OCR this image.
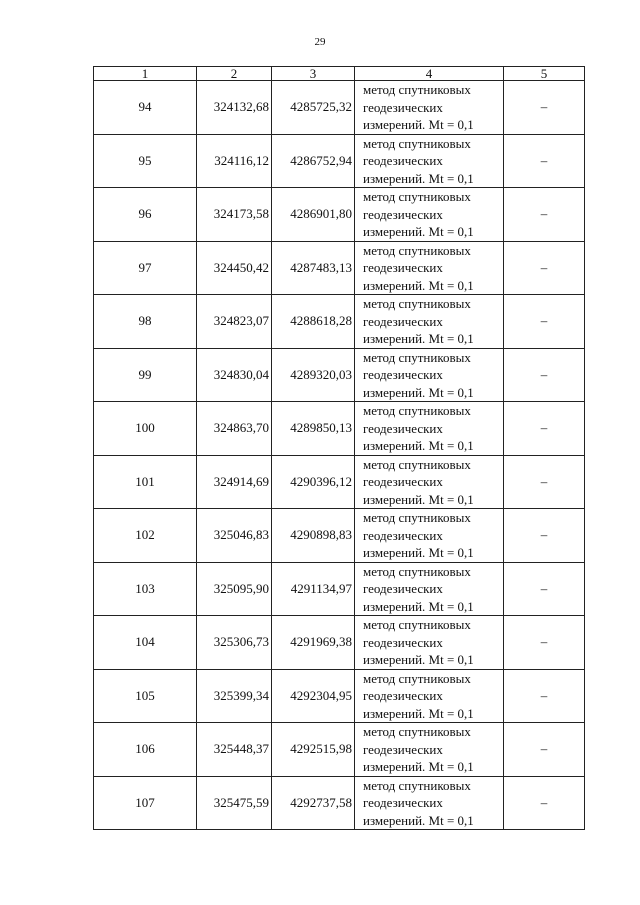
29
1	2	3	4	5
94	324132,68	4285725,32	метод спутниковых
геодезических
измерений. Mt = 0,1	–
95	324116,12	4286752,94	метод спутниковых
геодезических
измерений. Mt = 0,1	–
96	324173,58	4286901,80	метод спутниковых
геодезических
измерений. Mt = 0,1	–
97	324450,42	4287483,13	метод спутниковых
геодезических
измерений. Mt = 0,1	–
98	324823,07	4288618,28	метод спутниковых
геодезических
измерений. Mt = 0,1	–
99	324830,04	4289320,03	метод спутниковых
геодезических
измерений. Mt = 0,1	–
100	324863,70	4289850,13	метод спутниковых
геодезических
измерений. Mt = 0,1	–
101	324914,69	4290396,12	метод спутниковых
геодезических
измерений. Mt = 0,1	–
102	325046,83	4290898,83	метод спутниковых
геодезических
измерений. Mt = 0,1	–
103	325095,90	4291134,97	метод спутниковых
геодезических
измерений. Mt = 0,1	–
104	325306,73	4291969,38	метод спутниковых
геодезических
измерений. Mt = 0,1	–
105	325399,34	4292304,95	метод спутниковых
геодезических
измерений. Mt = 0,1	–
106	325448,37	4292515,98	метод спутниковых
геодезических
измерений. Mt = 0,1	–
107	325475,59	4292737,58	метод спутниковых
геодезических
измерений. Mt = 0,1	–
